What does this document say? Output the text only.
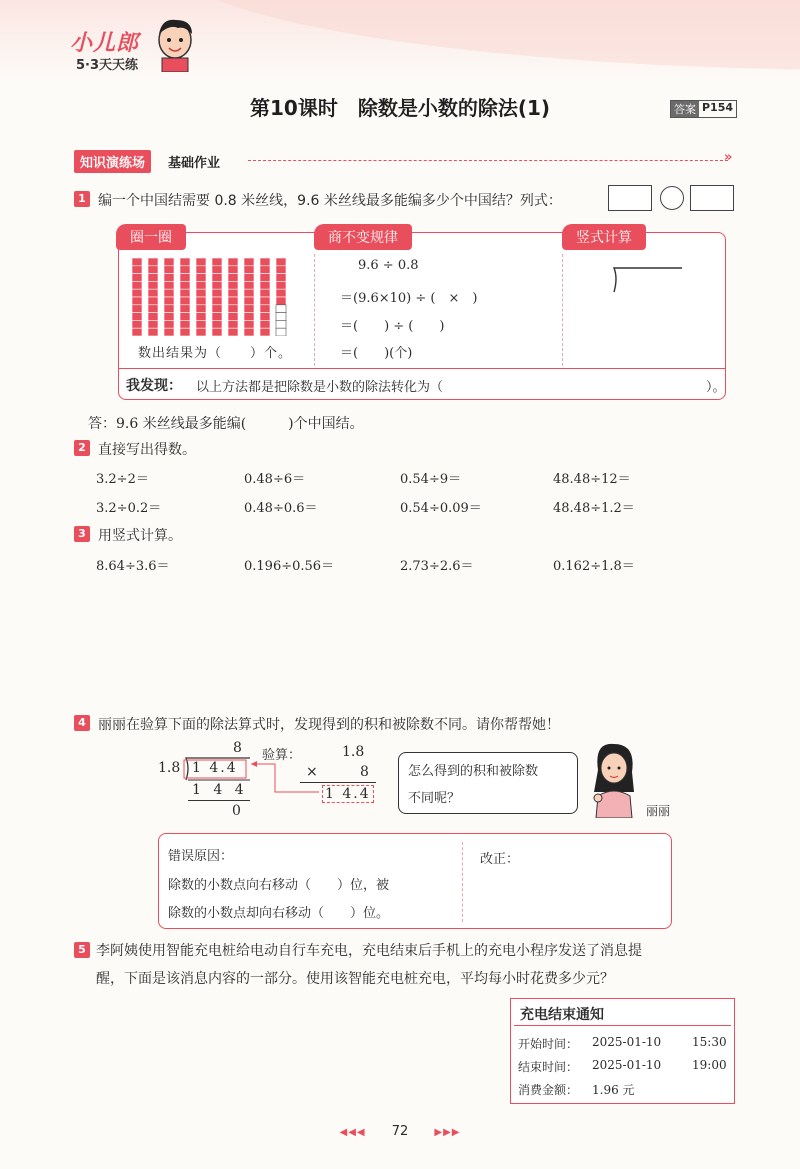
小儿郎
5·3天天练
第10课时　除数是小数的除法(1)	答案 P154
知识演练场	基础作业	»
1 编一个中国结需要 0.8 米丝线，9.6 米丝线最多能编多少个中国结？列式：
圈一圈	商不变规律	竖式计算
数出结果为（　　）个。
9.6 ÷ 0.8
＝(9.6×10) ÷ (　×　)
＝(　　) ÷ (　　)
＝(　　)(个)
我发现： 以上方法都是把除数是小数的除法转化为（	）。
答：9.6 米丝线最多能编(　　　)个中国结。
2 直接写出得数。
3.2÷2＝	0.48÷6＝	0.54÷9＝	48.48÷12＝
3.2÷0.2＝	0.48÷0.6＝	0.54÷0.09＝	48.48÷1.2＝
3 用竖式计算。
8.64÷3.6＝	0.196÷0.56＝	2.73÷2.6＝	0.162÷1.8＝
4 丽丽在验算下面的除法算式时，发现得到的积和被除数不同。请你帮帮她！
8
1.8 1 4.4
1 4 4
0
验算：	1.8
×	8
1 4.4
怎么得到的积和被除数
不同呢？
丽丽
错误原因：
除数的小数点向右移动（　　）位，被
除数的小数点却向右移动（　　）位。
改正：
5 李阿姨使用智能充电桩给电动自行车充电，充电结束后手机上的充电小程序发送了消息提
醒，下面是该消息内容的一部分。使用该智能充电桩充电，平均每小时花费多少元？
充电结束通知
开始时间： 2025-01-10	15:30
结束时间： 2025-01-10	19:00
消费金额： 1.96 元
◀◀◀ 72	▶▶▶
